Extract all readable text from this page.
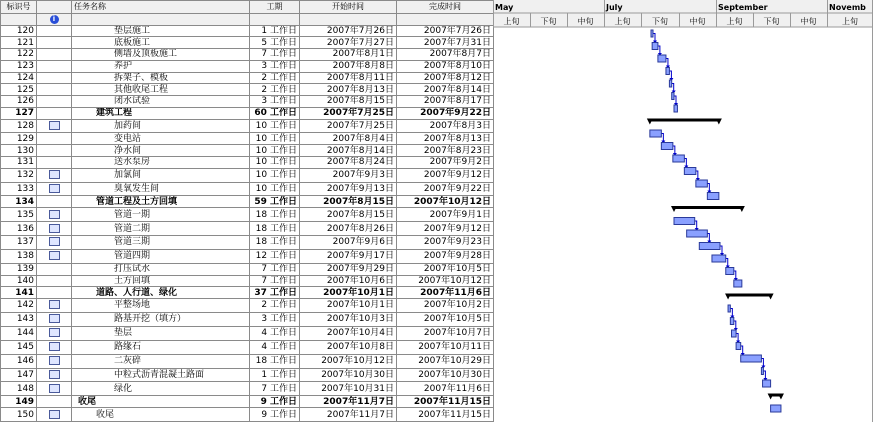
标识号		任务名称	工期	开始时间	完成时间
	i				
120		垫层施工	1 工作日	2007年7月26日	2007年7月26日
121		底板施工	5 工作日	2007年7月27日	2007年7月31日
122		侧墙及顶板施工	7 工作日	2007年8月1日	2007年8月7日
123		养护	3 工作日	2007年8月8日	2007年8月10日
124		拆架子、模板	2 工作日	2007年8月11日	2007年8月12日
125		其他收尾工程	2 工作日	2007年8月13日	2007年8月14日
126		闭水试验	3 工作日	2007年8月15日	2007年8月17日
127		建筑工程	60 工作日	2007年7月25日	2007年9月22日
128		加药间	10 工作日	2007年7月25日	2007年8月3日
129		变电站	10 工作日	2007年8月4日	2007年8月13日
130		净水间	10 工作日	2007年8月14日	2007年8月23日
131		送水泵房	10 工作日	2007年8月24日	2007年9月2日
132		加氯间	10 工作日	2007年9月3日	2007年9月12日
133		臭氧发生间	10 工作日	2007年9月13日	2007年9月22日
134		管道工程及土方回填	59 工作日	2007年8月15日	2007年10月12日
135		管道一期	18 工作日	2007年8月15日	2007年9月1日
136		管道二期	18 工作日	2007年8月26日	2007年9月12日
137		管道三期	18 工作日	2007年9月6日	2007年9月23日
138		管道四期	12 工作日	2007年9月17日	2007年9月28日
139		打压试水	7 工作日	2007年9月29日	2007年10月5日
140		土方回填	7 工作日	2007年10月6日	2007年10月12日
141		道路、人行道、绿化	37 工作日	2007年10月1日	2007年11月6日
142		平整场地	2 工作日	2007年10月1日	2007年10月2日
143		路基开挖（填方）	3 工作日	2007年10月3日	2007年10月5日
144		垫层	4 工作日	2007年10月4日	2007年10月7日
145		路缘石	4 工作日	2007年10月8日	2007年10月11日
146		二灰碎	18 工作日	2007年10月12日	2007年10月29日
147		中粒式沥青混凝土路面	1 工作日	2007年10月30日	2007年10月30日
148		绿化	7 工作日	2007年10月31日	2007年11月6日
149		收尾	9 工作日	2007年11月7日	2007年11月15日
150		收尾	9 工作日	2007年11月7日	2007年11月15日
May	July	September	Novemb
上旬	下旬	中旬	上旬	下旬	中旬	上旬	下旬	中旬	上旬
